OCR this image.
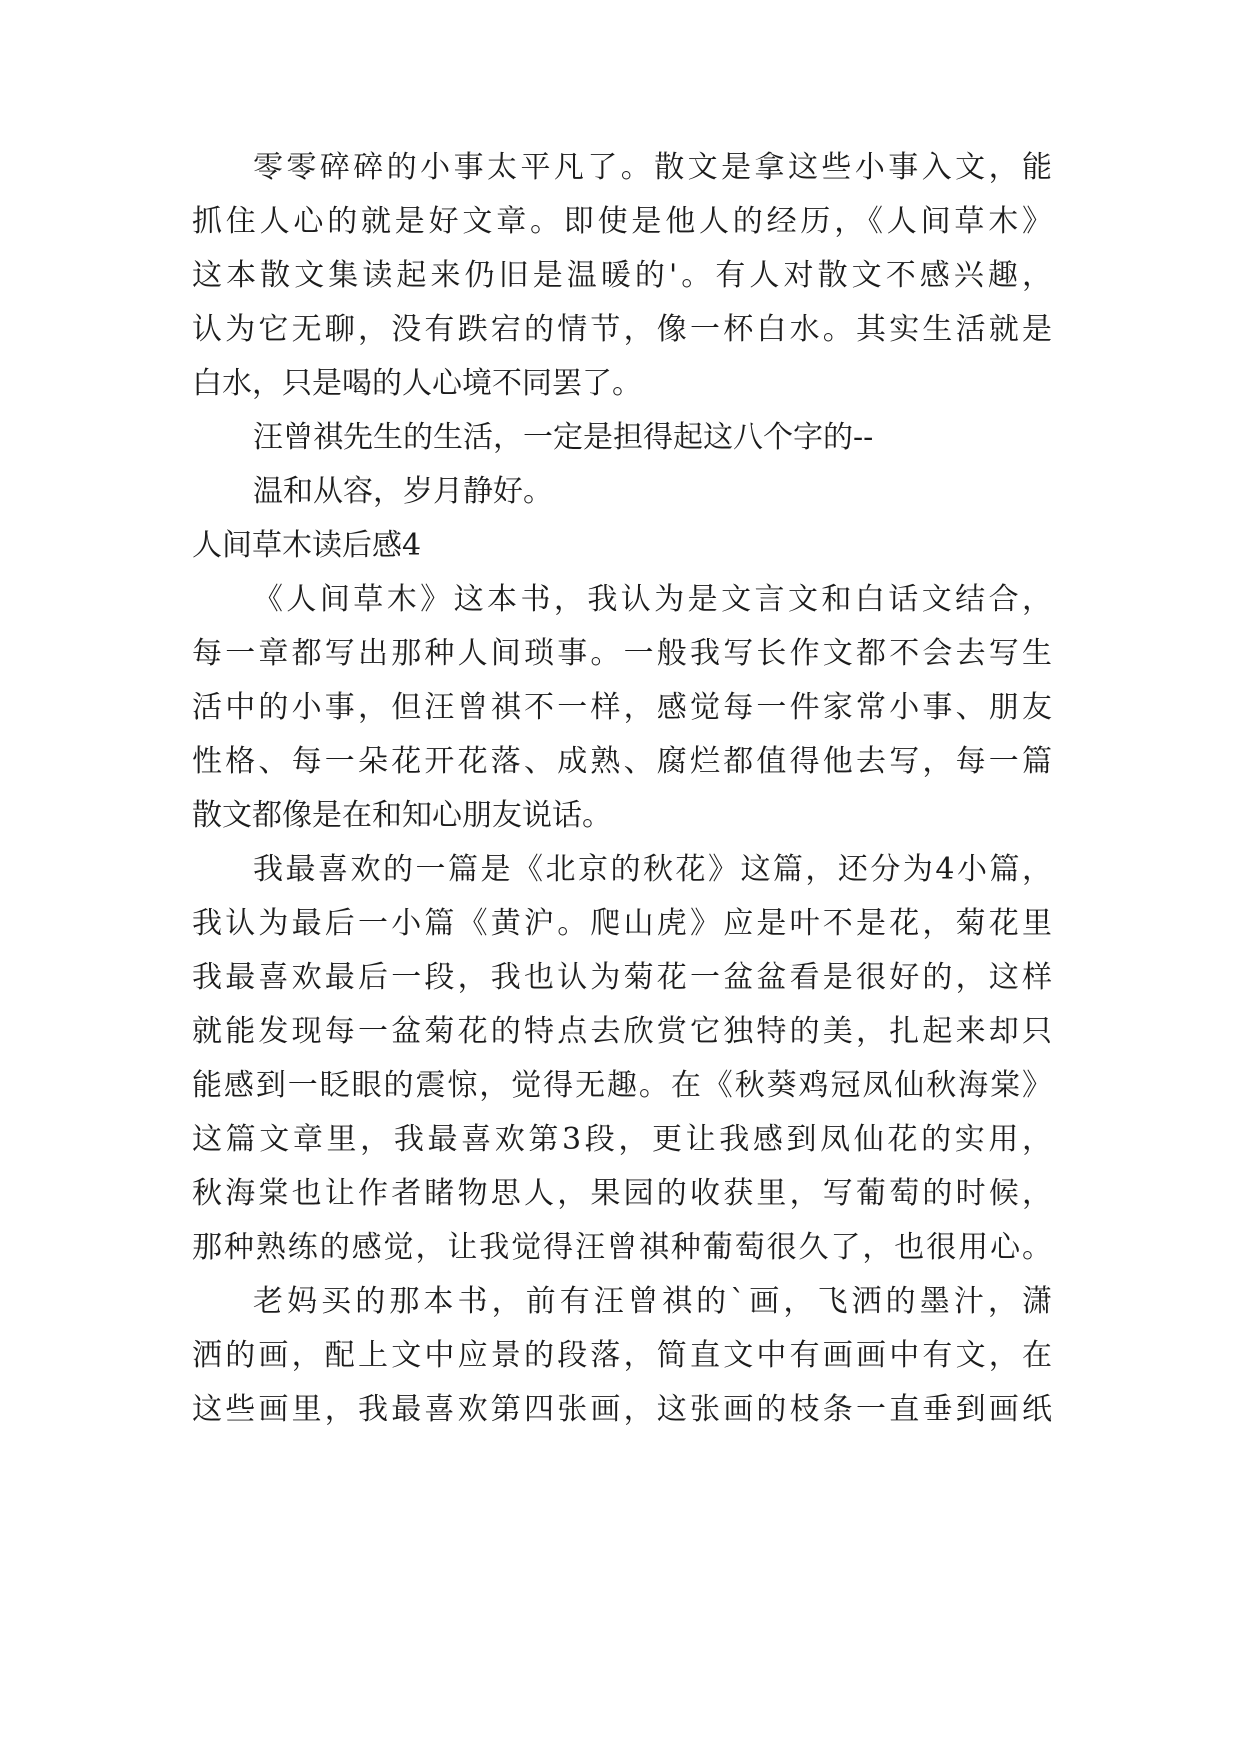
零零碎碎的小事太平凡了。散文是拿这些小事入文，能
抓住人心的就是好文章。即使是他人的经历，《人间草木》
这本散文集读起来仍旧是温暖的'。有人对散文不感兴趣，
认为它无聊，没有跌宕的情节，像一杯白水。其实生活就是
白水，只是喝的人心境不同罢了。
汪曾祺先生的生活，一定是担得起这八个字的--
温和从容，岁月静好。
人间草木读后感4
《人间草木》这本书，我认为是文言文和白话文结合，
每一章都写出那种人间琐事。一般我写长作文都不会去写生
活中的小事，但汪曾祺不一样，感觉每一件家常小事、朋友
性格、每一朵花开花落、成熟、腐烂都值得他去写，每一篇
散文都像是在和知心朋友说话。
我最喜欢的一篇是《北京的秋花》这篇，还分为4小篇，
我认为最后一小篇《黄沪。爬山虎》应是叶不是花，菊花里
我最喜欢最后一段，我也认为菊花一盆盆看是很好的，这样
就能发现每一盆菊花的特点去欣赏它独特的美，扎起来却只
能感到一眨眼的震惊，觉得无趣。在《秋葵鸡冠凤仙秋海棠》
这篇文章里，我最喜欢第3段，更让我感到凤仙花的实用，
秋海棠也让作者睹物思人，果园的收获里，写葡萄的时候，
那种熟练的感觉，让我觉得汪曾祺种葡萄很久了，也很用心。
老妈买的那本书，前有汪曾祺的`画，飞洒的墨汁，潇
洒的画，配上文中应景的段落，简直文中有画画中有文，在
这些画里，我最喜欢第四张画，这张画的枝条一直垂到画纸
